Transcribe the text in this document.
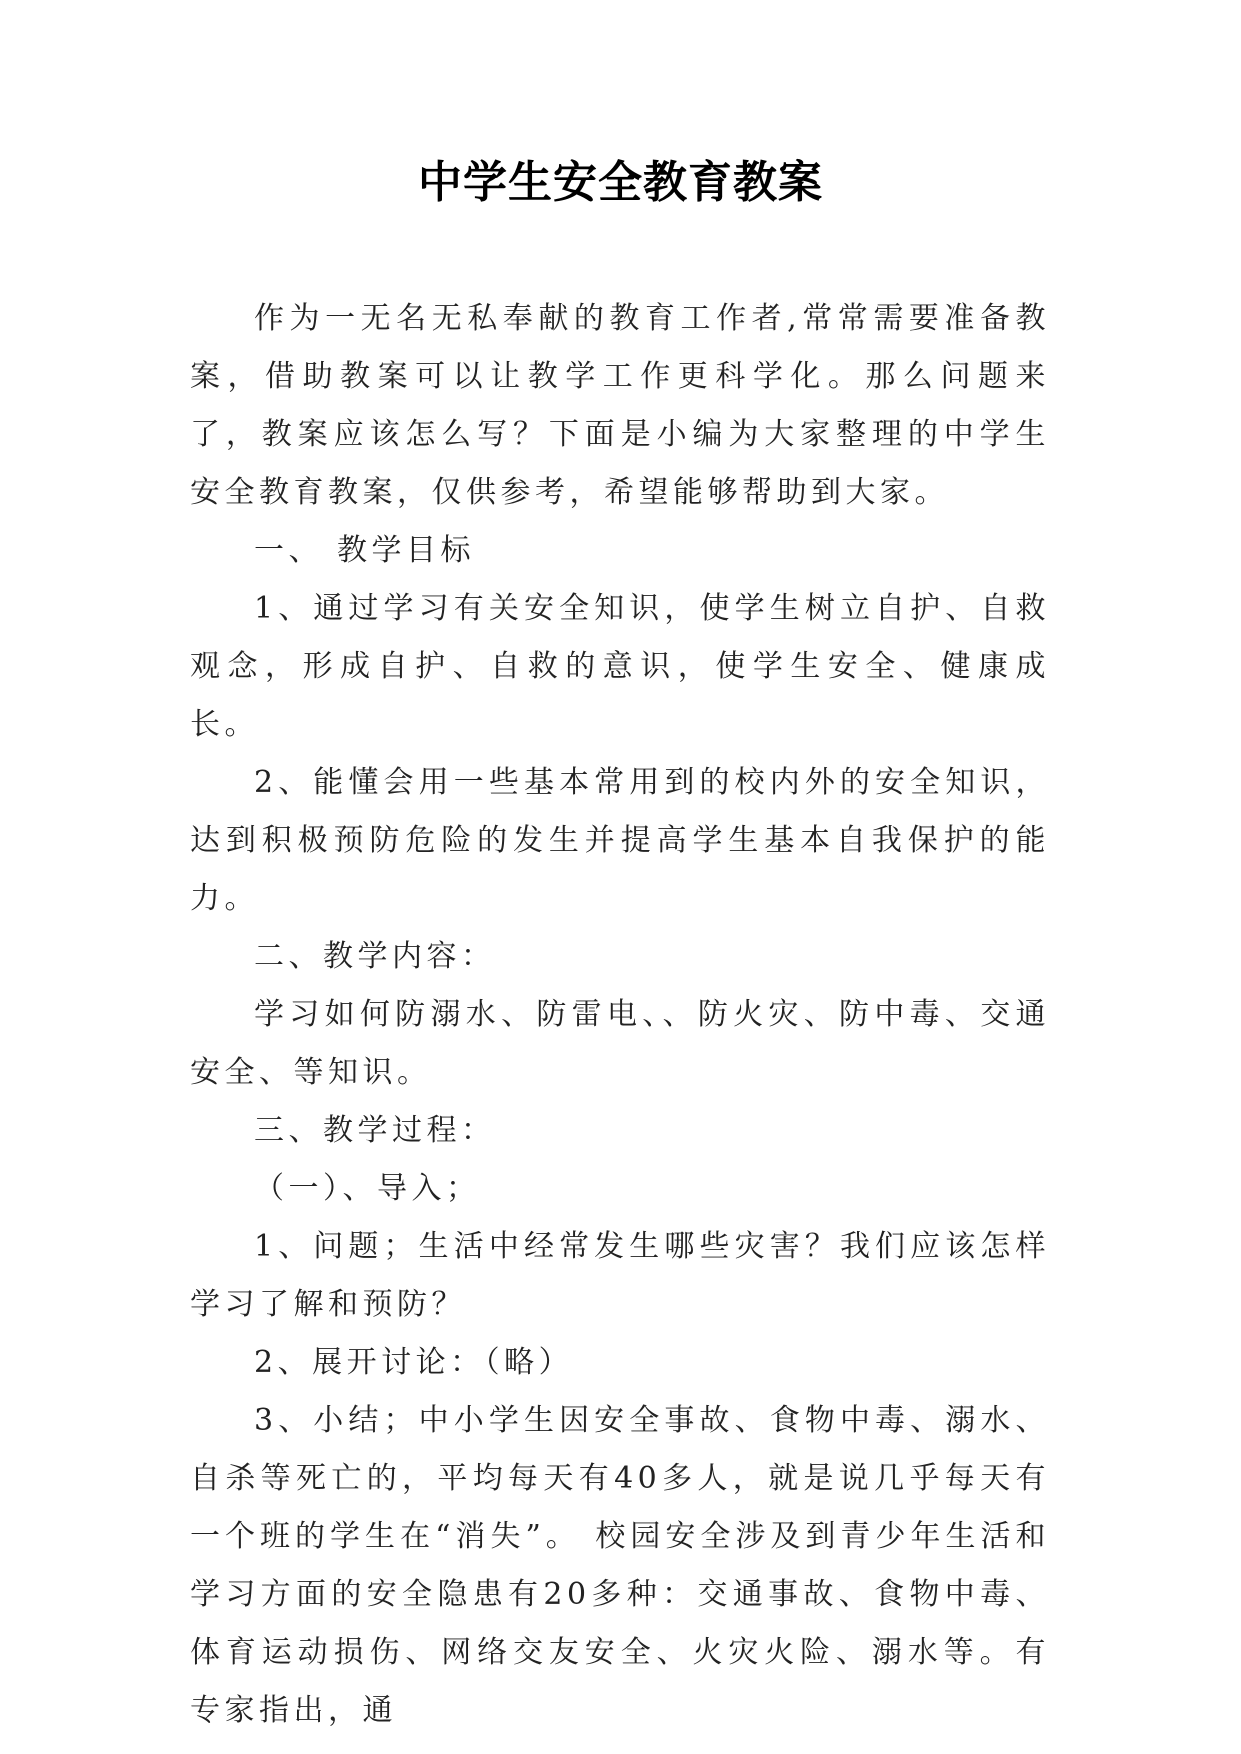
中学生安全教育教案

作为一无名无私奉献的教育工作者,常常需要准备教案，借助教案可以让教学工作更科学化。那么问题来了，教案应该怎么写？下面是小编为大家整理的中学生安全教育教案，仅供参考，希望能够帮助到大家。

一、 教学目标

1、通过学习有关安全知识，使学生树立自护、自救观念，形成自护、自救的意识，使学生安全、健康成长。

2、能懂会用一些基本常用到的校内外的安全知识，达到积极预防危险的发生并提高学生基本自我保护的能力。

二、教学内容：

学习如何防溺水、防雷电、、防火灾、防中毒、交通安全、等知识。

三、教学过程：

（一）、导入；

1、问题；生活中经常发生哪些灾害？我们应该怎样学习了解和预防？

2、展开讨论：（略）

3、小结；中小学生因安全事故、食物中毒、溺水、自杀等死亡的，平均每天有40多人，就是说几乎每天有一个班的学生在“消失”。 校园安全涉及到青少年生活和学习方面的安全隐患有20多种：交通事故、食物中毒、体育运动损伤、网络交友安全、火灾火险、溺水等。有专家指出，通
